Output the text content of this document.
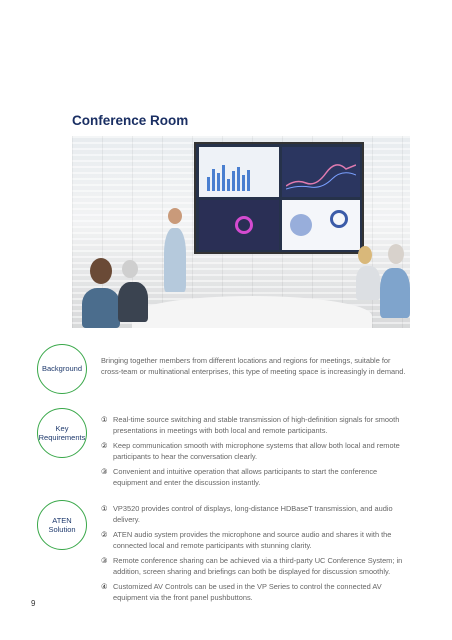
Conference Room
Background
Bringing together members from different locations and regions for meetings, suitable for cross-team or multinational enterprises, this type of meeting space is increasingly in demand.
Key Requirements
① Real-time source switching and stable transmission of high-definition signals for smooth presentations in meetings with both local and remote participants.
② Keep communication smooth with microphone systems that allow both local and remote participants to hear the conversation clearly.
③ Convenient and intuitive operation that allows participants to start the conference equipment and enter the discussion instantly.
ATEN Solution
① VP3520 provides control of displays, long-distance HDBaseT transmission, and audio delivery.
② ATEN audio system provides the microphone and source audio and shares it with the connected local and remote participants with stunning clarity.
③ Remote conference sharing can be achieved via a third-party UC Conference System; in addition, screen sharing and briefings can both be displayed for discussion smoothly.
④ Customized AV Controls can be used in the VP Series to control the connected AV equipment via the front panel pushbuttons.
9
